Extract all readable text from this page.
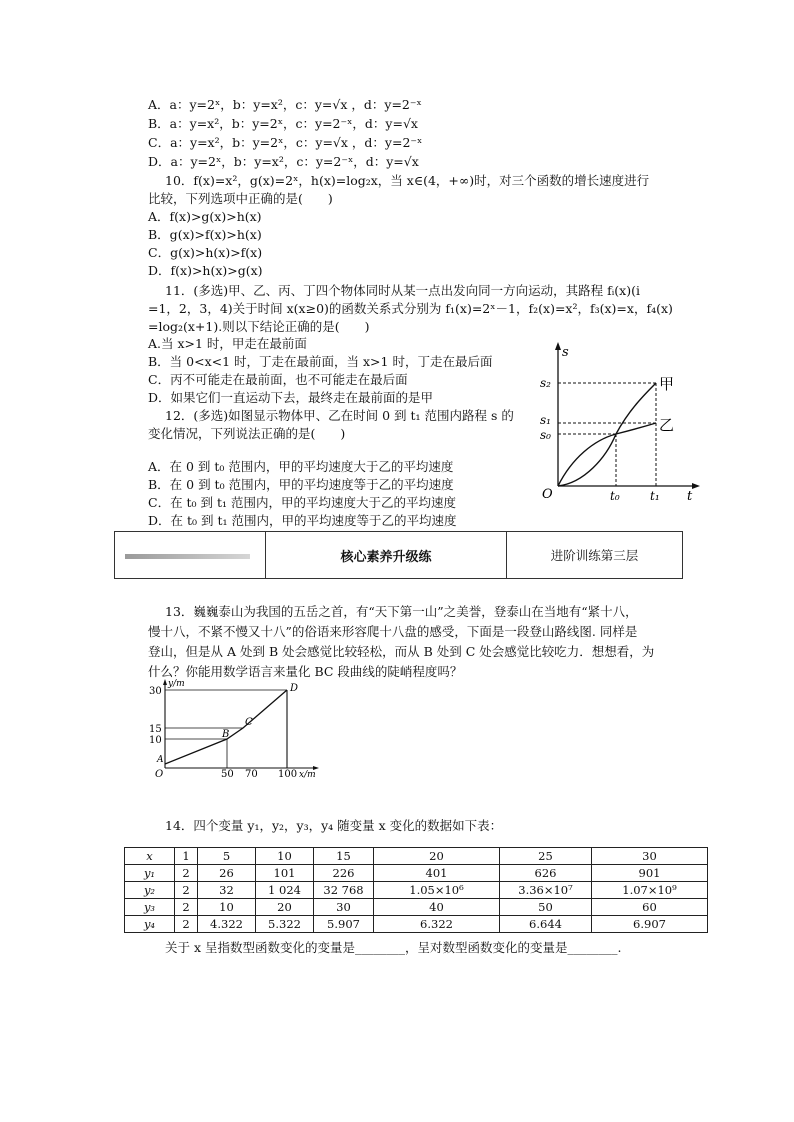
A．a：y=2ˣ，b：y=x²，c：y=√x ，d：y=2⁻ˣ
B．a：y=x²，b：y=2ˣ，c：y=2⁻ˣ，d：y=√x
C．a：y=x²，b：y=2ˣ，c：y=√x ，d：y=2⁻ˣ
D．a：y=2ˣ，b：y=x²，c：y=2⁻ˣ，d：y=√x
10．f(x)=x²，g(x)=2ˣ，h(x)=log₂x，当 x∈(4，+∞)时，对三个函数的增长速度进行
比较，下列选项中正确的是(　　)
A．f(x)>g(x)>h(x)
B．g(x)>f(x)>h(x)
C．g(x)>h(x)>f(x)
D．f(x)>h(x)>g(x)
11．(多选)甲、乙、丙、丁四个物体同时从某一点出发向同一方向运动，其路程 fᵢ(x)(i
=1，2，3，4)关于时间 x(x≥0)的函数关系式分别为 f₁(x)=2ˣ－1，f₂(x)=x²，f₃(x)=x，f₄(x)
=log₂(x+1).则以下结论正确的是(　　)
A.当 x>1 时，甲走在最前面
B．当 0<x<1 时，丁走在最前面，当 x>1 时，丁走在最后面
C．丙不可能走在最前面，也不可能走在最后面
D．如果它们一直运动下去，最终走在最前面的是甲
12．(多选)如图显示物体甲、乙在时间 0 到 t₁ 范围内路程 s 的
变化情况，下列说法正确的是(　　)
A．在 0 到 t₀ 范围内，甲的平均速度大于乙的平均速度
B．在 0 到 t₀ 范围内，甲的平均速度等于乙的平均速度
C．在 t₀ 到 t₁ 范围内，甲的平均速度大于乙的平均速度
D．在 t₀ 到 t₁ 范围内，甲的平均速度等于乙的平均速度
s
t
O
s₂
s₁
s₀
t₀	t₁
甲
乙
核心素养升级练	进阶训练第三层
13．巍巍泰山为我国的五岳之首，有“天下第一山”之美誉，登泰山在当地有“紧十八，
慢十八，不紧不慢又十八”的俗语来形容爬十八盘的感受，下面是一段登山路线图. 同样是
登山，但是从 A 处到 B 处会感觉比较轻松，而从 B 处到 C 处会感觉比较吃力．想想看，为
什么？你能用数学语言来量化 BC 段曲线的陡峭程度吗？
y/m
x/m
30
15
10
50 70 100
O
A
B
C
D
14．四个变量 y₁，y₂，y₃，y₄ 随变量 x 变化的数据如下表：
x	1	5	10	15	20	25	30
y₁	2	26	101	226	401	626	901
y₂	2	32	1 024	32 768	1.05×10⁶	3.36×10⁷	1.07×10⁹
y₃	2	10	20	30	40	50	60
y₄	2	4.322	5.322	5.907	6.322	6.644	6.907
关于 x 呈指数型函数变化的变量是________，呈对数型函数变化的变量是________.
